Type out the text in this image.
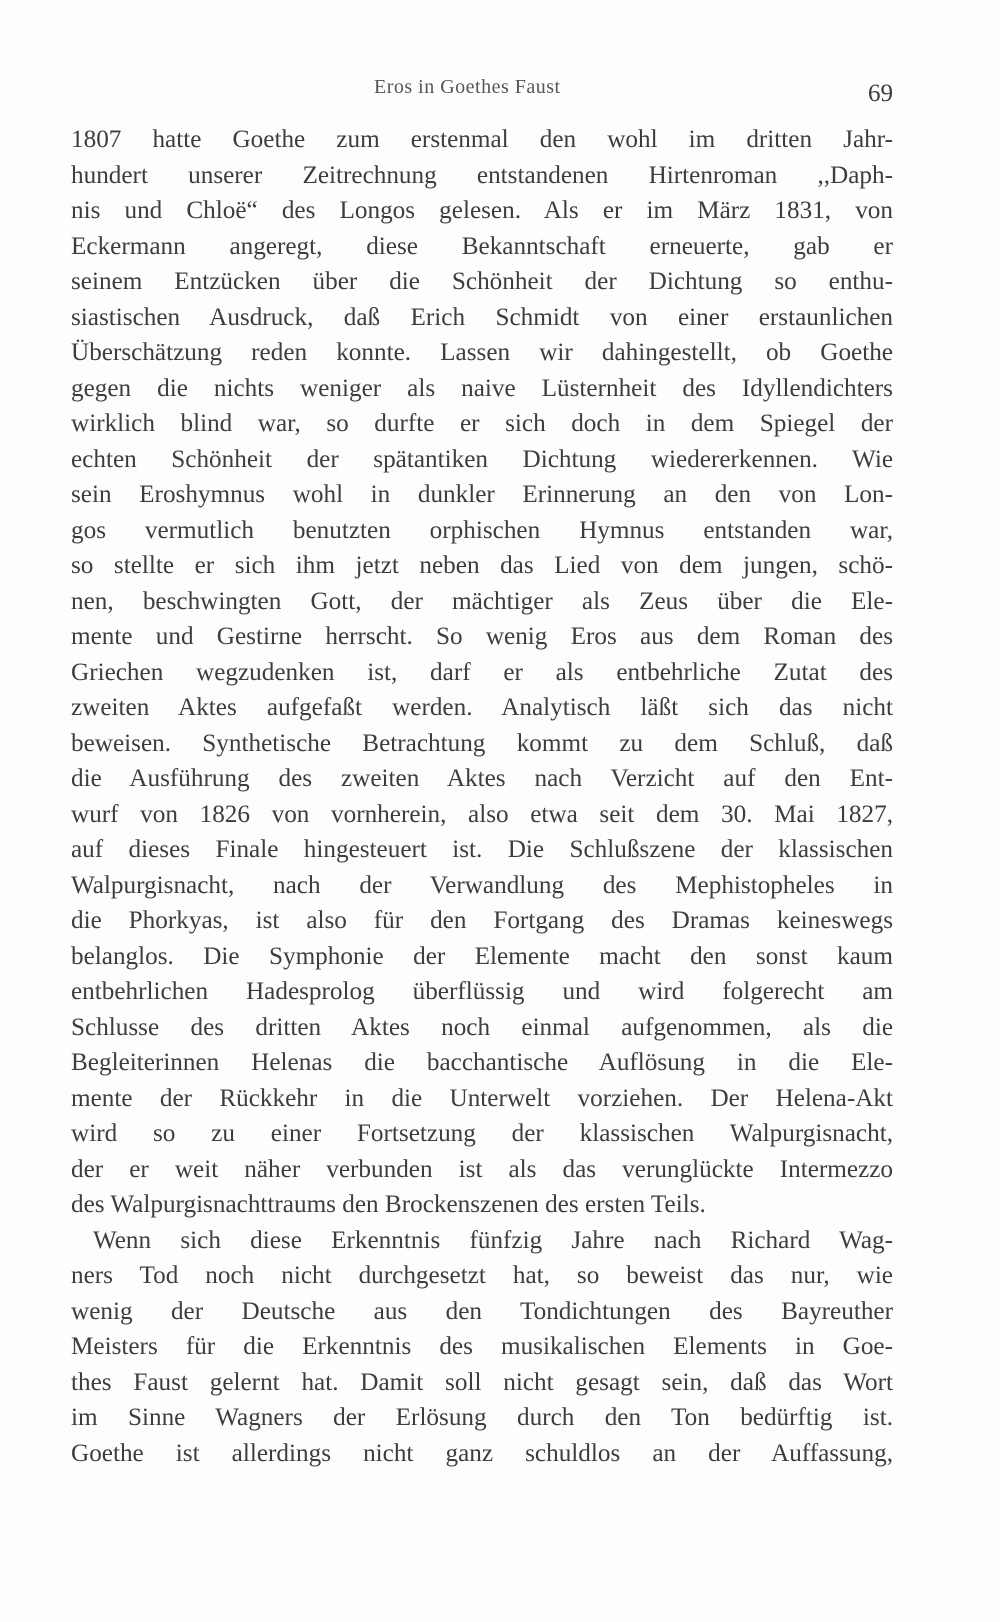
Eros in Goethes Faust	69
1807 hatte Goethe zum erstenmal den wohl im dritten Jahr-
hundert unserer Zeitrechnung entstandenen Hirtenroman ,,Daph-
nis und Chloë“ des Longos gelesen. Als er im März 1831, von
Eckermann angeregt, diese Bekanntschaft erneuerte, gab er
seinem Entzücken über die Schönheit der Dichtung so enthu-
siastischen Ausdruck, daß Erich Schmidt von einer erstaunlichen
Überschätzung reden konnte. Lassen wir dahingestellt, ob Goethe
gegen die nichts weniger als naive Lüsternheit des Idyllendichters
wirklich blind war, so durfte er sich doch in dem Spiegel der
echten Schönheit der spätantiken Dichtung wiedererkennen. Wie
sein Eroshymnus wohl in dunkler Erinnerung an den von Lon-
gos vermutlich benutzten orphischen Hymnus entstanden war,
so stellte er sich ihm jetzt neben das Lied von dem jungen, schö-
nen, beschwingten Gott, der mächtiger als Zeus über die Ele-
mente und Gestirne herrscht. So wenig Eros aus dem Roman des
Griechen wegzudenken ist, darf er als entbehrliche Zutat des
zweiten Aktes aufgefaßt werden. Analytisch läßt sich das nicht
beweisen. Synthetische Betrachtung kommt zu dem Schluß, daß
die Ausführung des zweiten Aktes nach Verzicht auf den Ent-
wurf von 1826 von vornherein, also etwa seit dem 30. Mai 1827,
auf dieses Finale hingesteuert ist. Die Schlußszene der klassischen
Walpurgisnacht, nach der Verwandlung des Mephistopheles in
die Phorkyas, ist also für den Fortgang des Dramas keineswegs
belanglos. Die Symphonie der Elemente macht den sonst kaum
entbehrlichen Hadesprolog überflüssig und wird folgerecht am
Schlusse des dritten Aktes noch einmal aufgenommen, als die
Begleiterinnen Helenas die bacchantische Auflösung in die Ele-
mente der Rückkehr in die Unterwelt vorziehen. Der Helena-Akt
wird so zu einer Fortsetzung der klassischen Walpurgisnacht,
der er weit näher verbunden ist als das verunglückte Intermezzo
des Walpurgisnachttraums den Brockenszenen des ersten Teils.
Wenn sich diese Erkenntnis fünfzig Jahre nach Richard Wag-
ners Tod noch nicht durchgesetzt hat, so beweist das nur, wie
wenig der Deutsche aus den Tondichtungen des Bayreuther
Meisters für die Erkenntnis des musikalischen Elements in Goe-
thes Faust gelernt hat. Damit soll nicht gesagt sein, daß das Wort
im Sinne Wagners der Erlösung durch den Ton bedürftig ist.
Goethe ist allerdings nicht ganz schuldlos an der Auffassung,
